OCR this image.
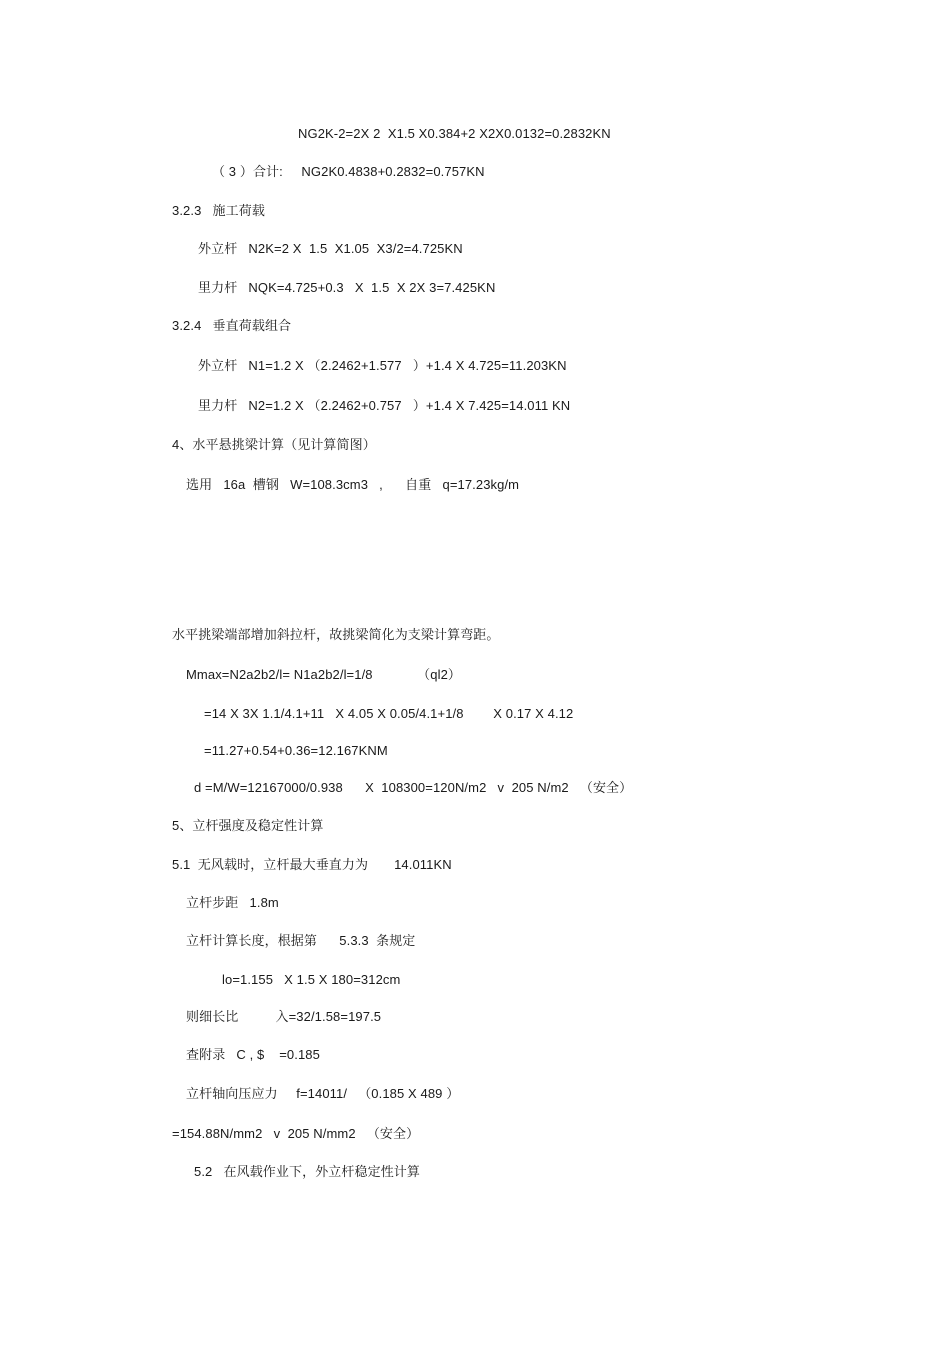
NG2K-2=2X 2  X1.5 X0.384+2 X2X0.0132=0.2832KN
（ 3 ）合计:     NG2K0.4838+0.2832=0.757KN
3.2.3   施工荷载
外立杆   N2K=2 X  1.5  X1.05  X3/2=4.725KN
里力杆   NQK=4.725+0.3   X  1.5  X 2X 3=7.425KN
3.2.4   垂直荷载组合
外立杆   N1=1.2 X （2.2462+1.577   ）+1.4 X 4.725=11.203KN
里力杆   N2=1.2 X （2.2462+0.757   ）+1.4 X 7.425=14.011 KN
4、水平悬挑梁计算（见计算简图）
选用   16a  槽钢   W=108.3cm3   ,      自重   q=17.23kg/m
水平挑梁端部增加斜拉杆，故挑梁简化为支梁计算弯距。
Mmax=N2a2b2/l= N1a2b2/l=1/8            （ql2）
=14 X 3X 1.1/4.1+11   X 4.05 X 0.05/4.1+1/8        X 0.17 X 4.12
=11.27+0.54+0.36=12.167KNM
d =M/W=12167000/0.938      X  108300=120N/m2   v  205 N/m2   （安全）
5、立杆强度及稳定性计算
5.1  无风载时，立杆最大垂直力为       14.011KN
立杆步距   1.8m
立杆计算长度，根据第      5.3.3  条规定
lo=1.155   X 1.5 X 180=312cm
则细长比          入=32/1.58=197.5
查附录   C , $    =0.185
立杆轴向压应力     f=14011/   （0.185 X 489 ）
=154.88N/mm2   v  205 N/mm2   （安全）
5.2   在风载作业下，外立杆稳定性计算
